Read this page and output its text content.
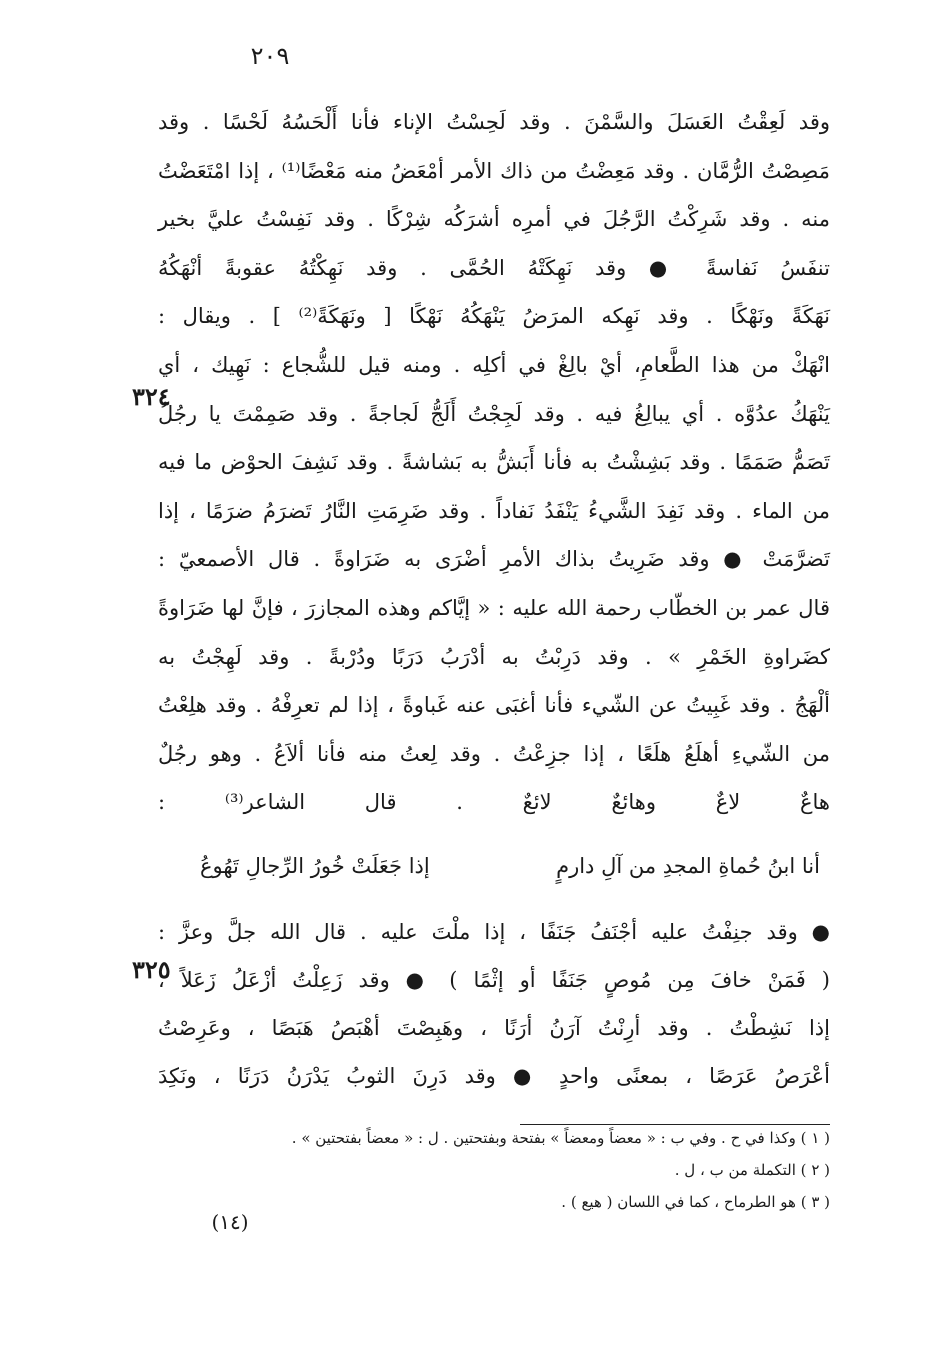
٢٠٩
٣٢٤
٣٢٥
وقد لَعِقْتُ العَسَلَ والسَّمْنَ . وقد لَحِسْتُ الإناء فأنا أَلْحَسُهُ لَحْسًا . وقد
مَصِصْتُ الرُّمَّان . وقد مَعِضْتُ من ذاك الأمر أمْعَضُ منه مَعْضًا⁽¹⁾ ، إذا امْتَعَضْتُ
منه . وقد شَرِكْتُ الرَّجُلَ في أمرِه أشرَكُه شِرْكًا . وقد نَفِسْتُ عليَّ بخير
تنفَسُ نَفاسةً ● وقد نَهِكَتْهُ الحُمَّى . وقد نَهِكْتُهُ عقوبةً أنْهَكُهُ
نَهَكَةً ونَهْكًا . وقد نَهِكه المرَضُ يَنْهَكُهُ نَهْكًا [ ونَهَكَةً⁽²⁾ ] . ويقال :
انْهَكْ من هذا الطَّعامِ، أيْ بالِغْ في أكلِه . ومنه قيل للشُّجاع : نَهِيك ، أي
يَنْهَكُ عدُوَّه . أي يبالِغُ فيه . وقد لَجِجْتُ أَلَجُّ لَجاجةً . وقد صَمِمْتَ يا رجُلُ
تَصَمُّ صَمَمًا . وقد بَشِشْتُ به فأنا أَبَشُّ به بَشاشةً . وقد نَشِفَ الحوْض ما فيه
من الماء . وقد نَفِدَ الشَّيءُ يَنْفَدُ نَفاداً . وقد ضَرِمَتِ النَّارُ تَضرَمُ ضرَمًا ، إذا
تَضرَّمَتْ ● وقد ضَرِيتُ بذاك الأمرِ أضْرَى به ضَرَاوةً . قال الأصمعيّ :
قال عمر بن الخطّاب رحمة الله عليه : « إيَّاكم وهذه المجازرَ ، فإنَّ لها ضَرَاوةً
كضَراوةِ الخَمْرِ » . وقد دَرِبْتُ به أدْرَبُ دَرَبًا ودُرْبةً . وقد لَهِجْتُ به
ألْهَجُ . وقد غَبِيتُ عن الشّيء فأنا أغبَى عنه غَباوةً ، إذا لم تعرِفْهُ . وقد هلِعْتُ
من الشّيءِ أهلَعُ هلَعًا ، إذا جزِعْتُ . وقد لِعتُ منه فأنا ألاَعُ . وهو رجُلٌ
هاعٌ لاعٌ وهائعٌ لائعٌ . قال الشاعر⁽³⁾ :
أنا ابنُ حُماةِ المجدِ من آلِ دارمٍ
إذا جَعَلَتْ خُورُ الرِّجالِ تَهُوعُ
● وقد جنِفْتُ عليه أجْنَفُ جَنَفًا ، إذا ملْتَ عليه . قال الله جلَّ وعزَّ :
( فَمَنْ خافَ مِن مُوصٍ جَنَفًا أو إثْمًا ) ● وقد زَعِلْتُ أزْعَلُ زَعَلاً ،
إذا نَشِطْتُ . وقد أرِنْتُ آرَنُ أرَنًا ، وهَبِصْتَ أهْبَصُ هَبَصًا ، وعَرِصْتُ
أعْرَصُ عَرَصًا ، بمعنًى واحدٍ ● وقد دَرِنَ الثوبُ يَدْرَنُ دَرَنًا ، ونَكِدَ
( ١ ) وكذا في ح . وفي ب : « معضاً ومعضاً » بفتحة وبفتحتين . ل : « معضاً بفتحتين » .
( ٢ ) التكملة من ب ، ل .
( ٣ ) هو الطرماح ، كما في اللسان ( هيع ) .
(١٤)
